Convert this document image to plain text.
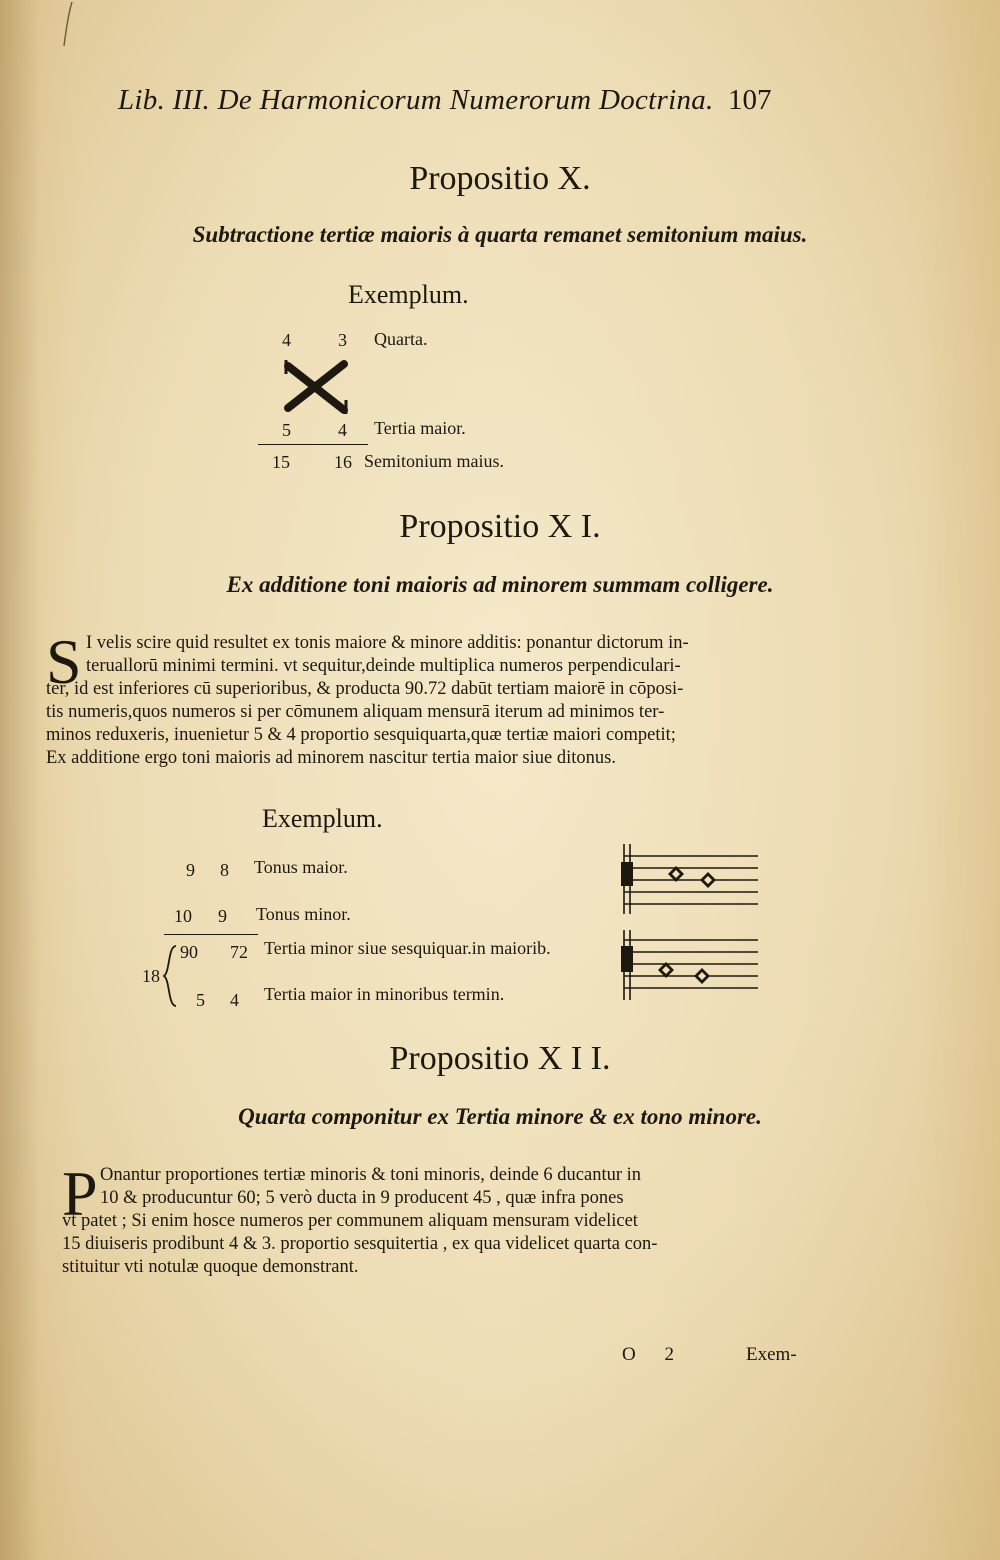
Lib. III. De Harmonicorum Numerorum Doctrina. 107
Propositio X.
Subtractione tertiæ maioris à quarta remanet semitonium maius.
Exemplum.
4	3 Quarta.
5	4 Tertia maior.
15 16 Semitonium maius.
Propositio X I.
Ex additione toni maioris ad minorem summam colligere.
S I velis scire quid resultet ex tonis maiore & minore additis: ponantur dictorum in-
teruallorū minimi termini. vt sequitur,deinde multiplica numeros perpendiculari-
ter, id est inferiores cū superioribus, & producta 90.72 dabūt tertiam maiorē in cōposi-
tis numeris,quos numeros si per cōmunem aliquam mensurā iterum ad minimos ter-
minos reduxeris, inuenietur 5 & 4 proportio sesquiquarta,quæ tertiæ maiori competit;
Ex additione ergo toni maioris ad minorem nascitur tertia maior siue ditonus.
Exemplum.
9 8 Tonus maior.
10 9 Tonus minor.
90 72 Tertia minor siue sesquiquar.in maiorib.
18
5 4 Tertia maior in minoribus termin.
Propositio X I I.
Quarta componitur ex Tertia minore & ex tono minore.
P Onantur proportiones tertiæ minoris & toni minoris, deinde 6 ducantur in
10 & producuntur 60; 5 verò ducta in 9 producent 45 , quæ infra pones
vt patet ; Si enim hosce numeros per communem aliquam mensuram videlicet
15 diuiseris prodibunt 4 & 3. proportio sesquitertia , ex qua videlicet quarta con-
stituitur vti notulæ quoque demonstrant.
O 2	Exem-
